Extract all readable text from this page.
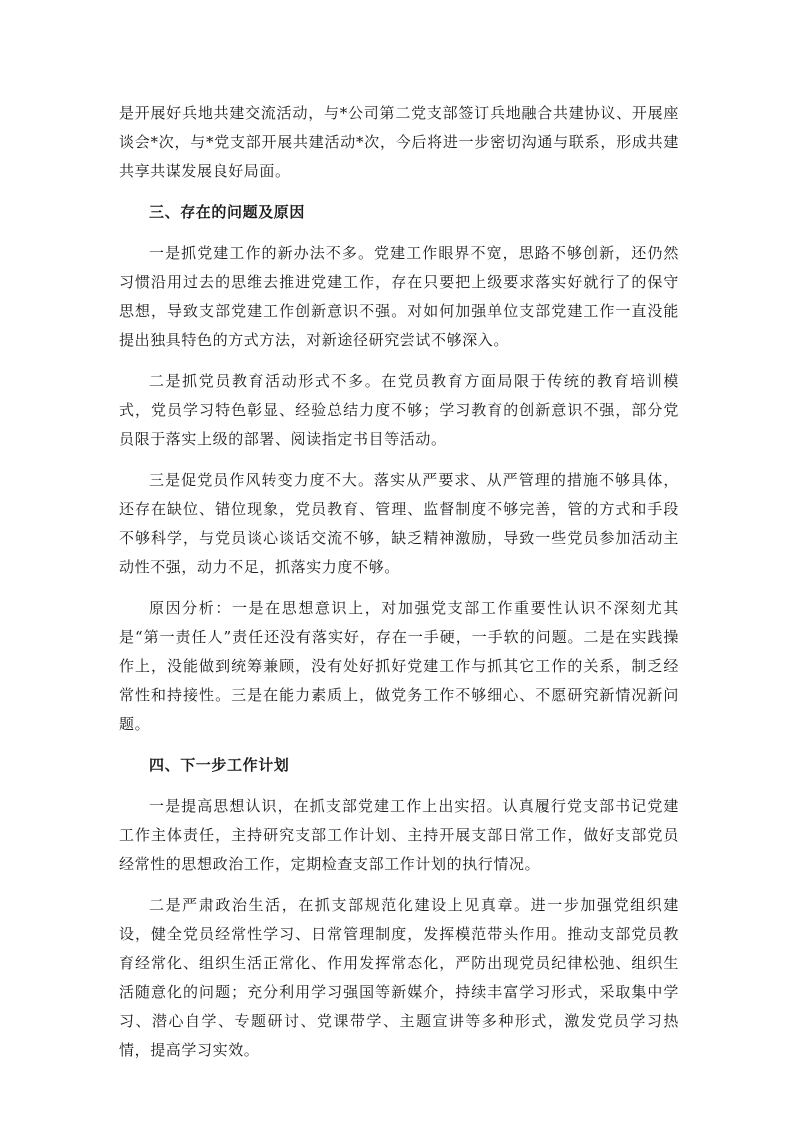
是开展好兵地共建交流活动，与*公司第二党支部签订兵地融合共建协议、开展座谈会*次，与*党支部开展共建活动*次，今后将进一步密切沟通与联系，形成共建共享共谋发展良好局面。

三、存在的问题及原因

一是抓党建工作的新办法不多。党建工作眼界不宽，思路不够创新，还仍然习惯沿用过去的思维去推进党建工作，存在只要把上级要求落实好就行了的保守思想，导致支部党建工作创新意识不强。对如何加强单位支部党建工作一直没能提出独具特色的方式方法，对新途径研究尝试不够深入。

二是抓党员教育活动形式不多。在党员教育方面局限于传统的教育培训模式，党员学习特色彰显、经验总结力度不够；学习教育的创新意识不强，部分党员限于落实上级的部署、阅读指定书目等活动。

三是促党员作风转变力度不大。落实从严要求、从严管理的措施不够具体，还存在缺位、错位现象，党员教育、管理、监督制度不够完善，管的方式和手段不够科学，与党员谈心谈话交流不够，缺乏精神激励，导致一些党员参加活动主动性不强，动力不足，抓落实力度不够。

原因分析：一是在思想意识上，对加强党支部工作重要性认识不深刻尤其是“第一责任人”责任还没有落实好，存在一手硬，一手软的问题。二是在实践操作上，没能做到统筹兼顾，没有处好抓好党建工作与抓其它工作的关系，制乏经常性和持接性。三是在能力素质上，做党务工作不够细心、不愿研究新情况新问题。

四、下一步工作计划

一是提高思想认识，在抓支部党建工作上出实招。认真履行党支部书记党建工作主体责任，主持研究支部工作计划、主持开展支部日常工作，做好支部党员经常性的思想政治工作，定期检查支部工作计划的执行情况。

二是严肃政治生活，在抓支部规范化建设上见真章。进一步加强党组织建设，健全党员经常性学习、日常管理制度，发挥模范带头作用。推动支部党员教育经常化、组织生活正常化、作用发挥常态化，严防出现党员纪律松弛、组织生活随意化的问题；充分利用学习强国等新媒介，持续丰富学习形式，采取集中学习、潜心自学、专题研讨、党课带学、主题宣讲等多种形式，激发党员学习热情，提高学习实效。
